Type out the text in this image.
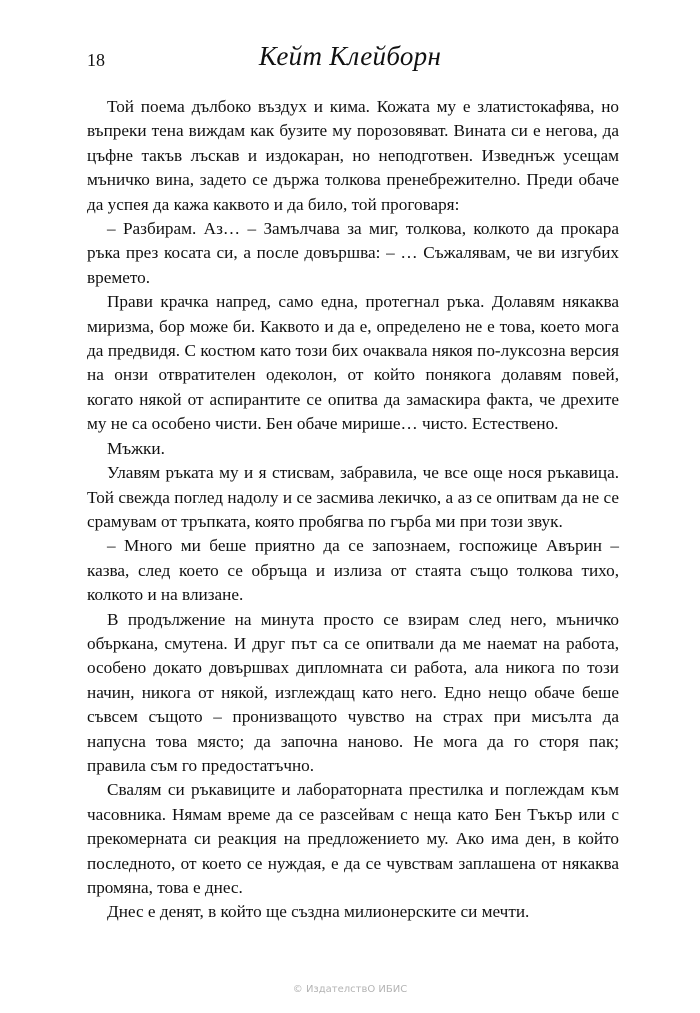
18	Кейт Клейборн

Той поема дълбоко въздух и кима. Кожата му е златистокафява, но въпреки тена виждам как бузите му порозовяват. Вината си е негова, да цъфне такъв лъскав и издокаран, но неподготвен. Изведнъж усещам мъничко вина, задето се държа толкова пренебрежително. Преди обаче да успея да кажа каквото и да било, той проговаря:

– Разбирам. Аз… – Замълчава за миг, толкова, колкото да прокара ръка през косата си, а после довършва: – … Съжалявам, че ви изгубих времето.

Прави крачка напред, само една, протегнал ръка. Долавям някаква миризма, бор може би. Каквото и да е, определено не е това, което мога да предвидя. С костюм като този бих очаквала някоя по-луксозна версия на онзи отвратителен одеколон, от който понякога долавям повей, когато някой от аспирантите се опитва да замаскира факта, че дрехите му не са особено чисти. Бен обаче мирише… чисто. Естествено.

Мъжки.

Улавям ръката му и я стисвам, забравила, че все още нося ръкавица. Той свежда поглед надолу и се засмива лекичко, а аз се опитвам да не се срамувам от тръпката, която пробягва по гърба ми при този звук.

– Много ми беше приятно да се запознаем, госпожице Авърин – казва, след което се обръща и излиза от стаята също толкова тихо, колкото и на влизане.

В продължение на минута просто се взирам след него, мъничко объркана, смутена. И друг път са се опитвали да ме наемат на работа, особено докато довършвах дипломната си работа, ала никога по този начин, никога от някой, изглеждащ като него. Едно нещо обаче беше съвсем същото – пронизващото чувство на страх при мисълта да напусна това място; да започна наново. Не мога да го сторя пак; правила съм го предостатъчно.

Свалям си ръкавиците и лабораторната престилка и поглеждам към часовника. Нямам време да се разсейвам с неща като Бен Тъкър или с прекомерната си реакция на предложението му. Ако има ден, в който последното, от което се нуждая, е да се чувствам заплашена от някаква промяна, това е днес.

Днес е денят, в който ще създна милионерските си мечти.

© ИздателствО ИБИС
